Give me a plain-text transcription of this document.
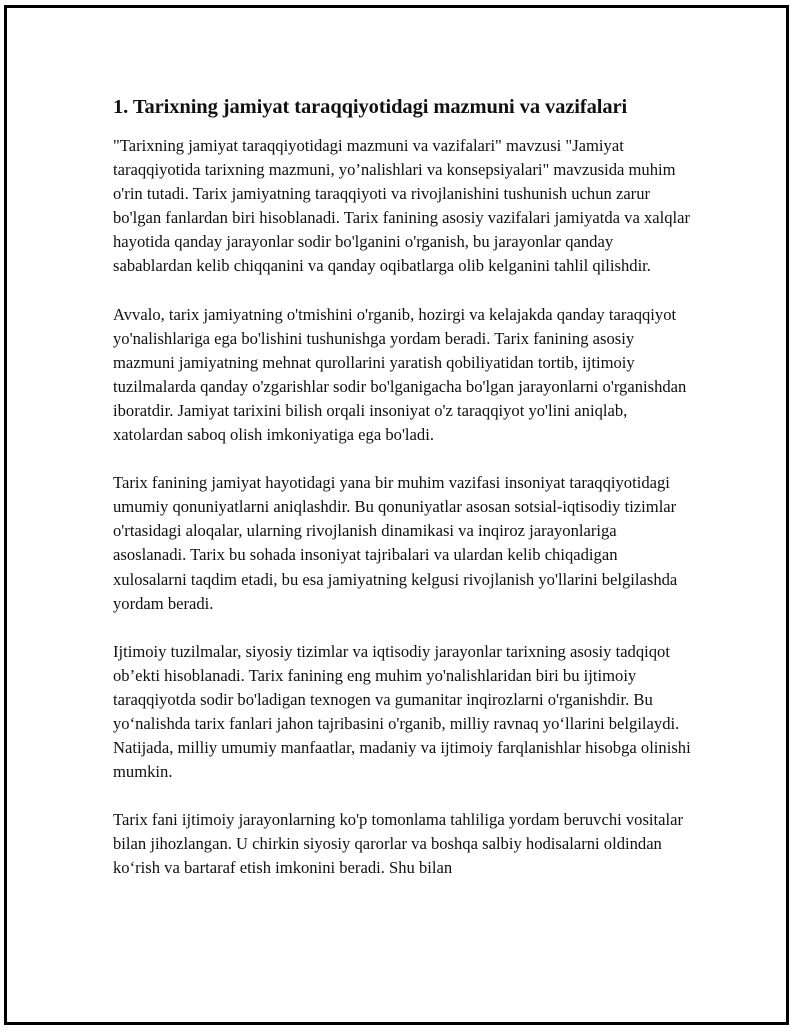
1. Tarixning jamiyat taraqqiyotidagi mazmuni va vazifalari

"Tarixning jamiyat taraqqiyotidagi mazmuni va vazifalari" mavzusi "Jamiyat taraqqiyotida tarixning mazmuni, yo’nalishlari va konsepsiyalari" mavzusida muhim o'rin tutadi. Tarix jamiyatning taraqqiyoti va rivojlanishini tushunish uchun zarur bo'lgan fanlardan biri hisoblanadi. Tarix fanining asosiy vazifalari jamiyatda va xalqlar hayotida qanday jarayonlar sodir bo'lganini o'rganish, bu jarayonlar qanday sabablardan kelib chiqqanini va qanday oqibatlarga olib kelganini tahlil qilishdir.

Avvalo, tarix jamiyatning o'tmishini o'rganib, hozirgi va kelajakda qanday taraqqiyot yo'nalishlariga ega bo'lishini tushunishga yordam beradi. Tarix fanining asosiy mazmuni jamiyatning mehnat qurollarini yaratish qobiliyatidan tortib, ijtimoiy tuzilmalarda qanday o'zgarishlar sodir bo'lganigacha bo'lgan jarayonlarni o'rganishdan iboratdir. Jamiyat tarixini bilish orqali insoniyat o'z taraqqiyot yo'lini aniqlab, xatolardan saboq olish imkoniyatiga ega bo'ladi.

Tarix fanining jamiyat hayotidagi yana bir muhim vazifasi insoniyat taraqqiyotidagi umumiy qonuniyatlarni aniqlashdir. Bu qonuniyatlar asosan sotsial-iqtisodiy tizimlar o'rtasidagi aloqalar, ularning rivojlanish dinamikasi va inqiroz jarayonlariga asoslanadi. Tarix bu sohada insoniyat tajribalari va ulardan kelib chiqadigan xulosalarni taqdim etadi, bu esa jamiyatning kelgusi rivojlanish yo'llarini belgilashda yordam beradi.

Ijtimoiy tuzilmalar, siyosiy tizimlar va iqtisodiy jarayonlar tarixning asosiy tadqiqot ob’ekti hisoblanadi. Tarix fanining eng muhim yo'nalishlaridan biri bu ijtimoiy taraqqiyotda sodir bo'ladigan texnogen va gumanitar inqirozlarni o'rganishdir. Bu yo‘nalishda tarix fanlari jahon tajribasini o'rganib, milliy ravnaq yo‘llarini belgilaydi. Natijada, milliy umumiy manfaatlar, madaniy va ijtimoiy farqlanishlar hisobga olinishi mumkin.

Tarix fani ijtimoiy jarayonlarning ko'p tomonlama tahliliga yordam beruvchi vositalar bilan jihozlangan. U chirkin siyosiy qarorlar va boshqa salbiy hodisalarni oldindan ko‘rish va bartaraf etish imkonini beradi. Shu bilan
